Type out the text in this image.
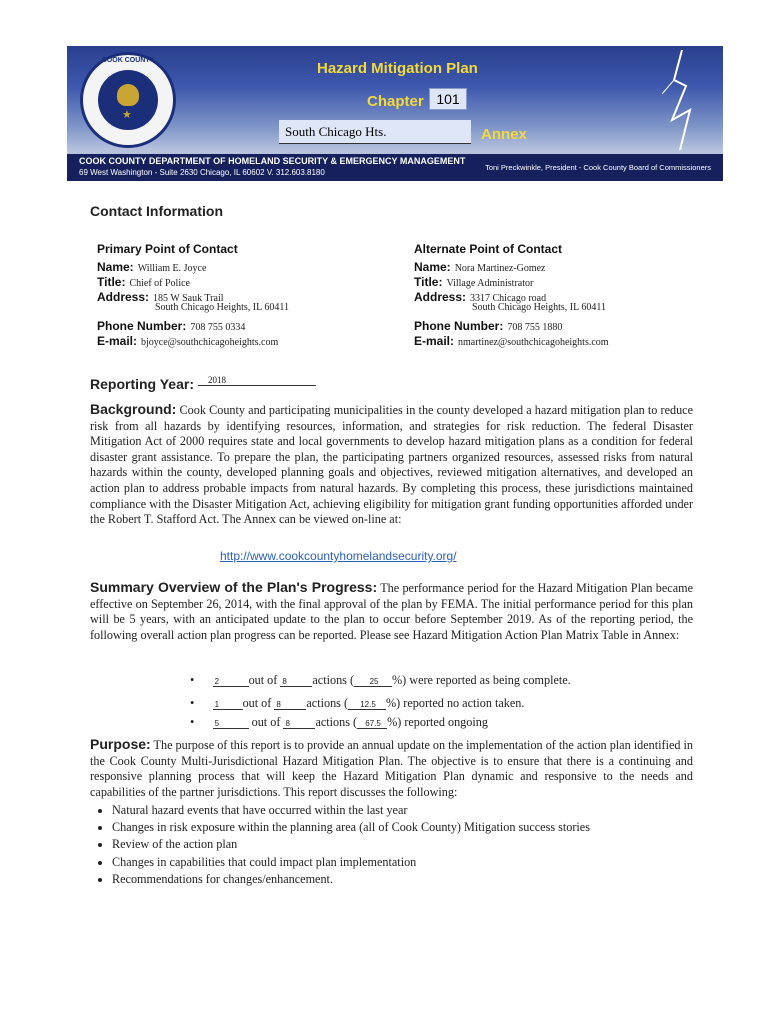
COOK COUNTY
★
Hazard Mitigation Plan
Chapter 101
South Chicago Hts.	Annex
COOK COUNTY DEPARTMENT OF HOMELAND SECURITY & EMERGENCY MANAGEMENT
69 West Washington - Suite 2630 Chicago, IL 60602 V. 312.603.8180
Toni Preckwinkle, President - Cook County Board of Commissioners
Contact Information
Primary Point of Contact
Name: William E. Joyce
Title: Chief of Police
Address: 185 W Sauk Trail
South Chicago Heights, IL 60411
Phone Number: 708 755 0334
E-mail: bjoyce@southchicagoheights.com
Alternate Point of Contact
Name: Nora Martinez-Gomez
Title: Village Administrator
Address: 3317 Chicago road
South Chicago Heights, IL 60411
Phone Number: 708 755 1880
E-mail: nmartinez@southchicagoheights.com
Reporting Year: 2018
Background: Cook County and participating municipalities in the county developed a hazard mitigation plan to reduce risk from all hazards by identifying resources, information, and strategies for risk reduction. The federal Disaster Mitigation Act of 2000 requires state and local governments to develop hazard mitigation plans as a condition for federal disaster grant assistance. To prepare the plan, the participating partners organized resources, assessed risks from natural hazards within the county, developed planning goals and objectives, reviewed mitigation alternatives, and developed an action plan to address probable impacts from natural hazards. By completing this process, these jurisdictions maintained compliance with the Disaster Mitigation Act, achieving eligibility for mitigation grant funding opportunities afforded under the Robert T. Stafford Act. The Annex can be viewed on-line at:
http://www.cookcountyhomelandsecurity.org/
Summary Overview of the Plan's Progress: The performance period for the Hazard Mitigation Plan became effective on September 26, 2014, with the final approval of the plan by FEMA. The initial performance period for this plan will be 5 years, with an anticipated update to the plan to occur before September 2019. As of the reporting period, the following overall action plan progress can be reported. Please see Hazard Mitigation Action Plan Matrix Table in Annex:
•	2 out of 8 actions ( 25 %) were reported as being complete.
•	1 out of 8 actions ( 12.5 %) reported no action taken.
•	5	out of 8 actions ( 67.5 %) reported ongoing
Purpose: The purpose of this report is to provide an annual update on the implementation of the action plan identified in the Cook County Multi-Jurisdictional Hazard Mitigation Plan. The objective is to ensure that there is a continuing and responsive planning process that will keep the Hazard Mitigation Plan dynamic and responsive to the needs and capabilities of the partner jurisdictions. This report discusses the following:
• Natural hazard events that have occurred within the last year
• Changes in risk exposure within the planning area (all of Cook County) Mitigation success stories
• Review of the action plan
• Changes in capabilities that could impact plan implementation
• Recommendations for changes/enhancement.
